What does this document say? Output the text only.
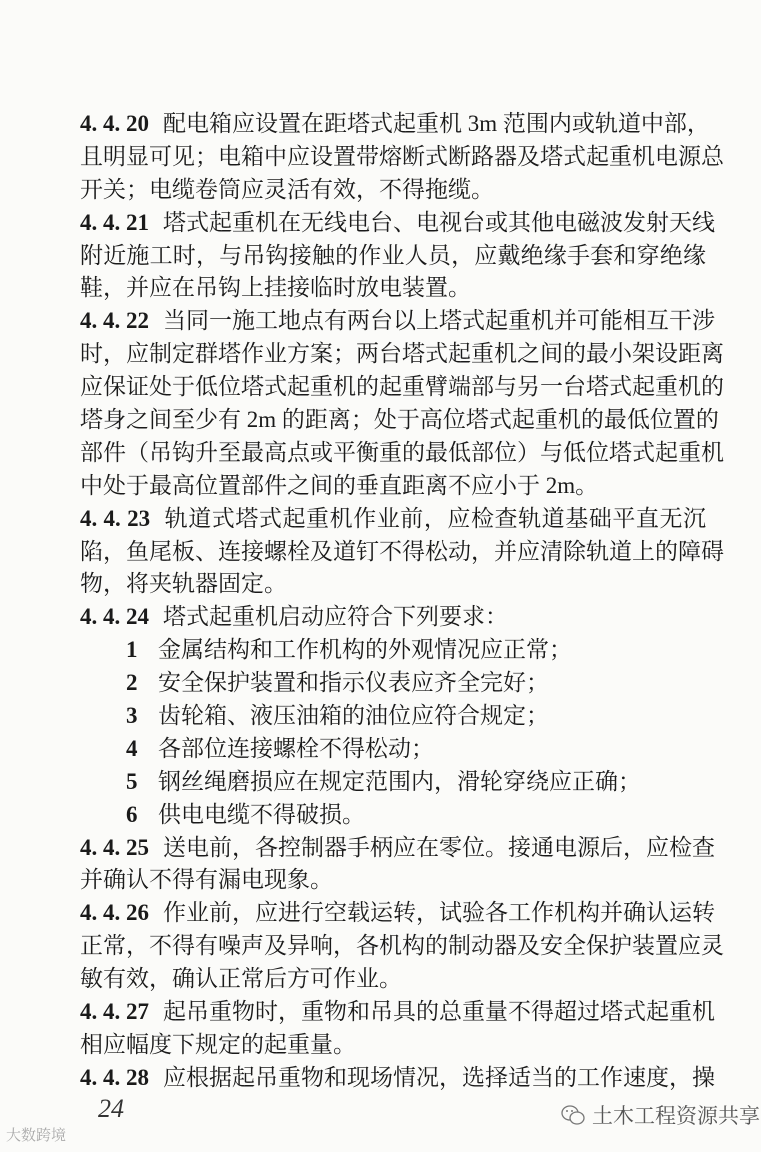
4. 4. 20 配电箱应设置在距塔式起重机 3m 范围内或轨道中部，
且明显可见；电箱中应设置带熔断式断路器及塔式起重机电源总
开关；电缆卷筒应灵活有效，不得拖缆。
4. 4. 21 塔式起重机在无线电台、电视台或其他电磁波发射天线
附近施工时，与吊钩接触的作业人员，应戴绝缘手套和穿绝缘
鞋，并应在吊钩上挂接临时放电装置。
4. 4. 22 当同一施工地点有两台以上塔式起重机并可能相互干涉
时，应制定群塔作业方案；两台塔式起重机之间的最小架设距离
应保证处于低位塔式起重机的起重臂端部与另一台塔式起重机的
塔身之间至少有 2m 的距离；处于高位塔式起重机的最低位置的
部件（吊钩升至最高点或平衡重的最低部位）与低位塔式起重机
中处于最高位置部件之间的垂直距离不应小于 2m。
4. 4. 23 轨道式塔式起重机作业前，应检查轨道基础平直无沉
陷，鱼尾板、连接螺栓及道钉不得松动，并应清除轨道上的障碍
物，将夹轨器固定。
4. 4. 24 塔式起重机启动应符合下列要求：
1 金属结构和工作机构的外观情况应正常；
2 安全保护装置和指示仪表应齐全完好；
3 齿轮箱、液压油箱的油位应符合规定；
4 各部位连接螺栓不得松动；
5 钢丝绳磨损应在规定范围内，滑轮穿绕应正确；
6 供电电缆不得破损。
4. 4. 25 送电前，各控制器手柄应在零位。接通电源后，应检查
并确认不得有漏电现象。
4. 4. 26 作业前，应进行空载运转，试验各工作机构并确认运转
正常，不得有噪声及异响，各机构的制动器及安全保护装置应灵
敏有效，确认正常后方可作业。
4. 4. 27 起吊重物时，重物和吊具的总重量不得超过塔式起重机
相应幅度下规定的起重量。
4. 4. 28 应根据起吊重物和现场情况，选择适当的工作速度，操
24
大数跨境
土木工程资源共享
